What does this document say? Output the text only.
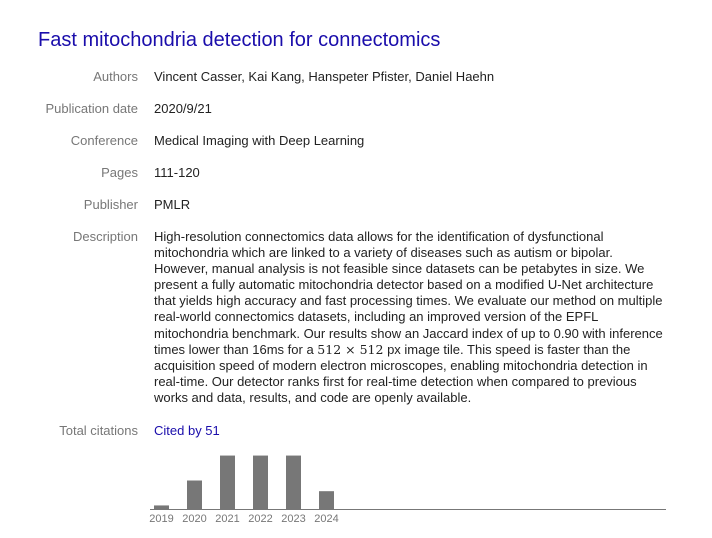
Fast mitochondria detection for connectomics
Authors Vincent Casser, Kai Kang, Hanspeter Pfister, Daniel Haehn
Publication date 2020/9/21
Conference Medical Imaging with Deep Learning
Pages 111-120
Publisher PMLR
Description High-resolution connectomics data allows for the identification of dysfunctional

mitochondria which are linked to a variety of diseases such as autism or bipolar.

However, manual analysis is not feasible since datasets can be petabytes in size. We

present a fully automatic mitochondria detector based on a modified U-Net architecture

that yields high accuracy and fast processing times. We evaluate our method on multiple

real-world connectomics datasets, including an improved version of the EPFL

mitochondria benchmark. Our results show an Jaccard index of up to 0.90 with inference

times lower than 16ms for a 512 × 512 px image tile. This speed is faster than the

acquisition speed of modern electron microscopes, enabling mitochondria detection in

real-time. Our detector ranks first for real-time detection when compared to previous

works and data, results, and code are openly available.

Total citations Cited by 51
2019 2020 2021 2022 2023 2024
